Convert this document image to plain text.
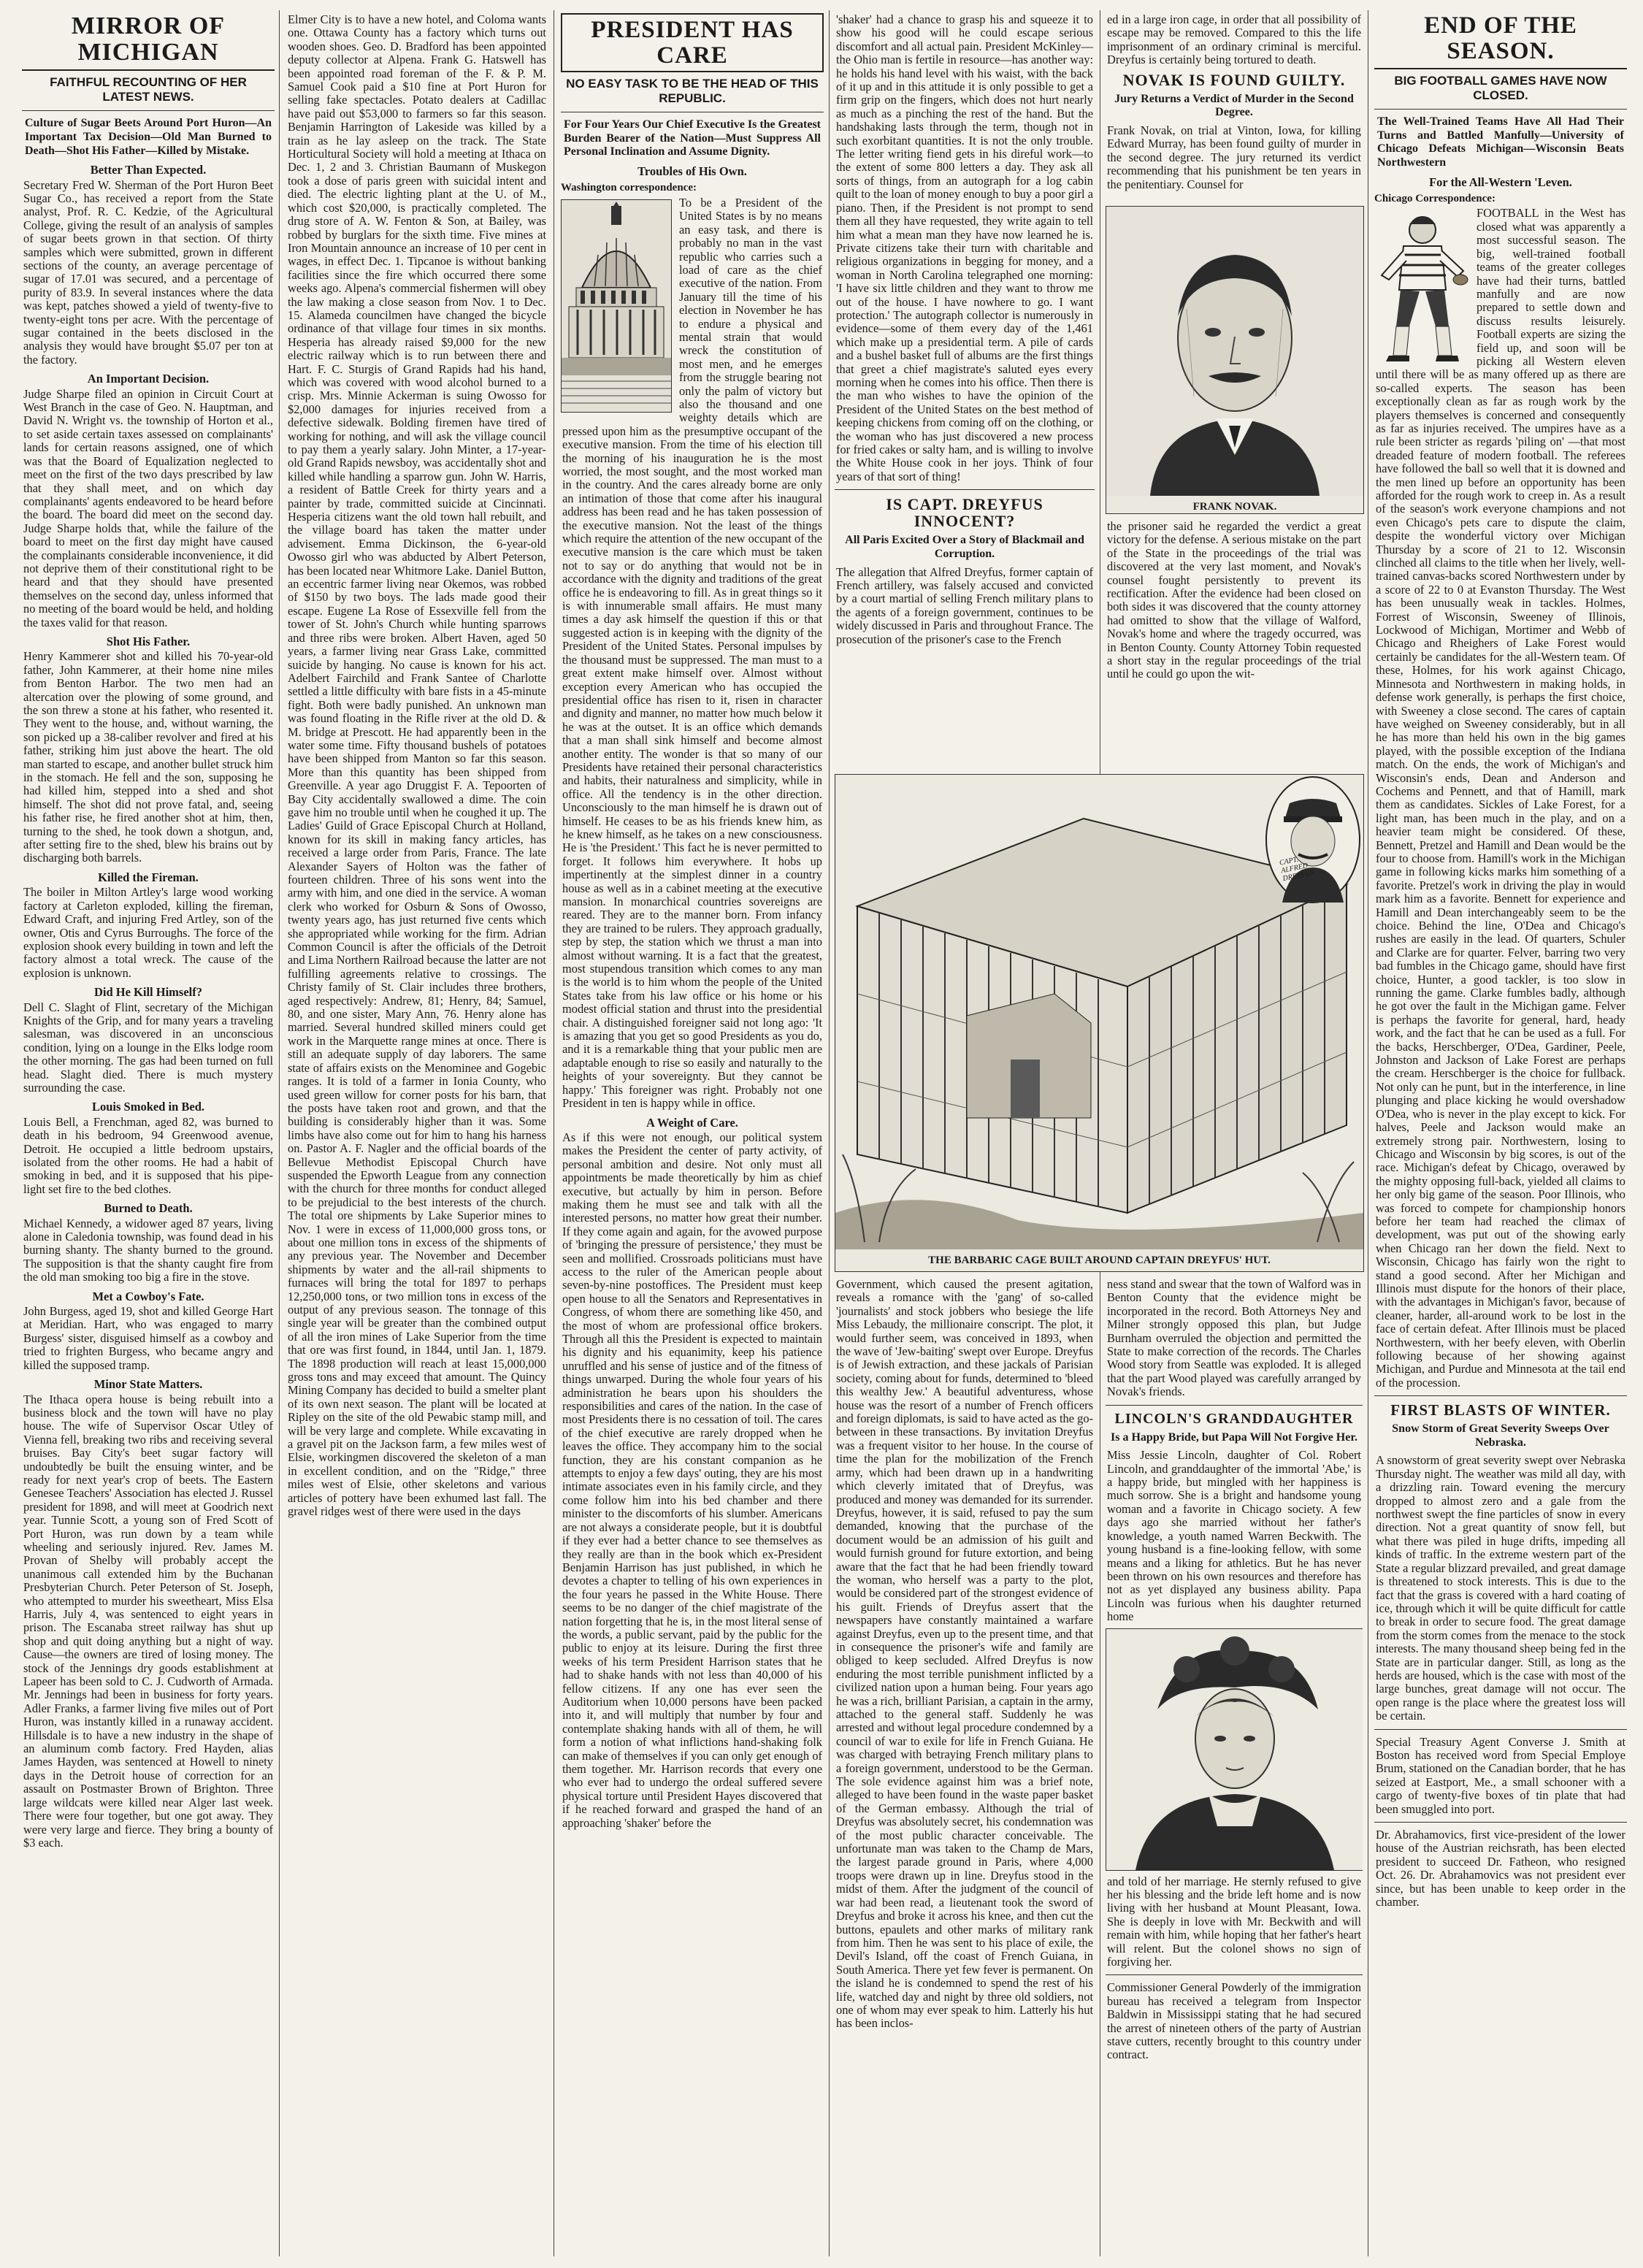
MIRROR OF MICHIGAN
FAITHFUL RECOUNTING OF HER LATEST NEWS.
Culture of Sugar Beets Around Port Huron—An Important Tax Decision—Old Man Burned to Death—Shot His Father—Killed by Mistake.
Better Than Expected.
Secretary Fred W. Sherman of the Port Huron Beet Sugar Co., has received a report from the State analyst, Prof. R. C. Kedzie, of the Agricultural College, giving the result of an analysis of samples of sugar beets grown in that section. Of thirty samples which were submitted, grown in different sections of the county, an average percentage of sugar of 17.01 was secured, and a percentage of purity of 83.9. In several instances where the data was kept, patches showed a yield of twenty-five to twenty-eight tons per acre. With the percentage of sugar contained in the beets disclosed in the analysis they would have brought $5.07 per ton at the factory.
An Important Decision.
Judge Sharpe filed an opinion in Circuit Court at West Branch in the case of Geo. N. Hauptman, and David N. Wright vs. the township of Horton et al., to set aside certain taxes assessed on complainants' lands for certain reasons assigned, one of which was that the Board of Equalization neglected to meet on the first of the two days prescribed by law that they shall meet, and on which day complainants' agents endeavored to be heard before the board. The board did meet on the second day. Judge Sharpe holds that, while the failure of the board to meet on the first day might have caused the complainants considerable inconvenience, it did not deprive them of their constitutional right to be heard and that they should have presented themselves on the second day, unless informed that no meeting of the board would be held, and holding the taxes valid for that reason.
Shot His Father.
Henry Kammerer shot and killed his 70-year-old father, John Kammerer, at their home nine miles from Benton Harbor. The two men had an altercation over the plowing of some ground, and the son threw a stone at his father, who resented it. They went to the house, and, without warning, the son picked up a 38-caliber revolver and fired at his father, striking him just above the heart. The old man started to escape, and another bullet struck him in the stomach. He fell and the son, supposing he had killed him, stepped into a shed and shot himself. The shot did not prove fatal, and, seeing his father rise, he fired another shot at him, then, turning to the shed, he took down a shotgun, and, after setting fire to the shed, blew his brains out by discharging both barrels.
Killed the Fireman.
The boiler in Milton Artley's large wood working factory at Carleton exploded, killing the fireman, Edward Craft, and injuring Fred Artley, son of the owner, Otis and Cyrus Burroughs. The force of the explosion shook every building in town and left the factory almost a total wreck. The cause of the explosion is unknown.
Did He Kill Himself?
Dell C. Slaght of Flint, secretary of the Michigan Knights of the Grip, and for many years a traveling salesman, was discovered in an unconscious condition, lying on a lounge in the Elks lodge room the other morning. The gas had been turned on full head. Slaght died. There is much mystery surrounding the case.
Louis Smoked in Bed.
Louis Bell, a Frenchman, aged 82, was burned to death in his bedroom, 94 Greenwood avenue, Detroit. He occupied a little bedroom upstairs, isolated from the other rooms. He had a habit of smoking in bed, and it is supposed that his pipe-light set fire to the bed clothes.
Burned to Death.
Michael Kennedy, a widower aged 87 years, living alone in Caledonia township, was found dead in his burning shanty. The shanty burned to the ground. The supposition is that the shanty caught fire from the old man smoking too big a fire in the stove.
Met a Cowboy's Fate.
John Burgess, aged 19, shot and killed George Hart at Meridian. Hart, who was engaged to marry Burgess' sister, disguised himself as a cowboy and tried to frighten Burgess, who became angry and killed the supposed tramp.
Minor State Matters.
The Ithaca opera house is being rebuilt into a business block and the town will have no play house. The wife of Supervisor Oscar Utley of Vienna fell, breaking two ribs and receiving several bruises. Bay City's beet sugar factory will undoubtedly be built the ensuing winter, and be ready for next year's crop of beets. The Eastern Genesee Teachers' Association has elected J. Russel president for 1898, and will meet at Goodrich next year. Tunnie Scott, a young son of Fred Scott of Port Huron, was run down by a team while wheeling and seriously injured. Rev. James M. Provan of Shelby will probably accept the unanimous call extended him by the Buchanan Presbyterian Church. Peter Peterson of St. Joseph, who attempted to murder his sweetheart, Miss Elsa Harris, July 4, was sentenced to eight years in prison. The Escanaba street railway has shut up shop and quit doing anything but a night of way. Cause—the owners are tired of losing money. The stock of the Jennings dry goods establishment at Lapeer has been sold to C. J. Cudworth of Armada. Mr. Jennings had been in business for forty years. Adler Franks, a farmer living five miles out of Port Huron, was instantly killed in a runaway accident. Hillsdale is to have a new industry in the shape of an aluminum comb factory. Fred Hayden, alias James Hayden, was sentenced at Howell to ninety days in the Detroit house of correction for an assault on Postmaster Brown of Brighton. Three large wildcats were killed near Alger last week. There were four together, but one got away. They were very large and fierce. They bring a bounty of $3 each.
Elmer City is to have a new hotel, and Coloma wants one. Ottawa County has a factory which turns out wooden shoes. Geo. D. Bradford has been appointed deputy collector at Alpena. Frank G. Hatswell has been appointed road foreman of the F. & P. M. Samuel Cook paid a $10 fine at Port Huron for selling fake spectacles. Potato dealers at Cadillac have paid out $53,000 to farmers so far this season. Benjamin Harrington of Lakeside was killed by a train as he lay asleep on the track. The State Horticultural Society will hold a meeting at Ithaca on Dec. 1, 2 and 3. Christian Baumann of Muskegon took a dose of paris green with suicidal intent and died. The electric lighting plant at the U. of M., which cost $20,000, is practically completed. The drug store of A. W. Fenton & Son, at Bailey, was robbed by burglars for the sixth time. Five mines at Iron Mountain announce an increase of 10 per cent in wages, in effect Dec. 1. Tipcanoe is without banking facilities since the fire which occurred there some weeks ago. Alpena's commercial fishermen will obey the law making a close season from Nov. 1 to Dec. 15. Alameda councilmen have changed the bicycle ordinance of that village four times in six months. Hesperia has already raised $9,000 for the new electric railway which is to run between there and Hart. F. C. Sturgis of Grand Rapids had his hand, which was covered with wood alcohol burned to a crisp. Mrs. Minnie Ackerman is suing Owosso for $2,000 damages for injuries received from a defective sidewalk. Bolding firemen have tired of working for nothing, and will ask the village council to pay them a yearly salary. John Minter, a 17-year-old Grand Rapids newsboy, was accidentally shot and killed while handling a sparrow gun. John W. Harris, a resident of Battle Creek for thirty years and a painter by trade, committed suicide at Cincinnati. Hesperia citizens want the old town hall rebuilt, and the village board has taken the matter under advisement. Emma Dickinson, the 6-year-old Owosso girl who was abducted by Albert Peterson, has been located near Whitmore Lake. Daniel Button, an eccentric farmer living near Okemos, was robbed of $150 by two boys. The lads made good their escape. Eugene La Rose of Essexville fell from the tower of St. John's Church while hunting sparrows and three ribs were broken. Albert Haven, aged 50 years, a farmer living near Grass Lake, committed suicide by hanging. No cause is known for his act. Adelbert Fairchild and Frank Santee of Charlotte settled a little difficulty with bare fists in a 45-minute fight. Both were badly punished. An unknown man was found floating in the Rifle river at the old D. & M. bridge at Prescott. He had apparently been in the water some time. Fifty thousand bushels of potatoes have been shipped from Manton so far this season. More than this quantity has been shipped from Greenville. A year ago Druggist F. A. Tepoorten of Bay City accidentally swallowed a dime. The coin gave him no trouble until when he coughed it up. The Ladies' Guild of Grace Episcopal Church at Holland, known for its skill in making fancy articles, has received a large order from Paris, France. The late Alexander Sayers of Holton was the father of fourteen children. Three of his sons went into the army with him, and one died in the service. A woman clerk who worked for Osburn & Sons of Owosso, twenty years ago, has just returned five cents which she appropriated while working for the firm. Adrian Common Council is after the officials of the Detroit and Lima Northern Railroad because the latter are not fulfilling agreements relative to crossings. The Christy family of St. Clair includes three brothers, aged respectively: Andrew, 81; Henry, 84; Samuel, 80, and one sister, Mary Ann, 76. Henry alone has married. Several hundred skilled miners could get work in the Marquette range mines at once. There is still an adequate supply of day laborers. The same state of affairs exists on the Menominee and Gogebic ranges. It is told of a farmer in Ionia County, who used green willow for corner posts for his barn, that the posts have taken root and grown, and that the building is considerably higher than it was. Some limbs have also come out for him to hang his harness on. Pastor A. F. Nagler and the official boards of the Bellevue Methodist Episcopal Church have suspended the Epworth League from any connection with the church for three months for conduct alleged to be prejudicial to the best interests of the church. The total ore shipments by Lake Superior mines to Nov. 1 were in excess of 11,000,000 gross tons, or about one million tons in excess of the shipments of any previous year. The November and December shipments by water and the all-rail shipments to furnaces will bring the total for 1897 to perhaps 12,250,000 tons, or two million tons in excess of the output of any previous season. The tonnage of this single year will be greater than the combined output of all the iron mines of Lake Superior from the time that ore was first found, in 1844, until Jan. 1, 1879. The 1898 production will reach at least 15,000,000 gross tons and may exceed that amount. The Quincy Mining Company has decided to build a smelter plant of its own next season. The plant will be located at Ripley on the site of the old Pewabic stamp mill, and will be very large and complete. While excavating in a gravel pit on the Jackson farm, a few miles west of Elsie, workingmen discovered the skeleton of a man in excellent condition, and on the "Ridge," three miles west of Elsie, other skeletons and various articles of pottery have been exhumed last fall. The gravel ridges west of there were used in the days
PRESIDENT HAS CARE
NO EASY TASK TO BE THE HEAD OF THIS REPUBLIC.
For Four Years Our Chief Executive Is the Greatest Burden Bearer of the Nation—Must Suppress All Personal Inclination and Assume Dignity.
Troubles of His Own.
Washington correspondence:
To be a President of the United States is by no means an easy task, and there is probably no man in the vast republic who carries such a load of care as the chief executive of the nation. From January till the time of his election in November he has to endure a physical and mental strain that would wreck the constitution of most men, and he emerges from the struggle bearing not only the palm of victory but also the thousand and one weighty details which are pressed upon him as the presumptive occupant of the executive mansion. From the time of his election till the morning of his inauguration he is the most worried, the most sought, and the most worked man in the country. And the cares already borne are only an intimation of those that come after his inaugural address has been read and he has taken possession of the executive mansion. Not the least of the things which require the attention of the new occupant of the executive mansion is the care which must be taken not to say or do anything that would not be in accordance with the dignity and traditions of the great office he is endeavoring to fill. As in great things so it is with innumerable small affairs. He must many times a day ask himself the question if this or that suggested action is in keeping with the dignity of the President of the United States. Personal impulses by the thousand must be suppressed. The man must to a great extent make himself over. Almost without exception every American who has occupied the presidential office has risen to it, risen in character and dignity and manner, no matter how much below it he was at the outset. It is an office which demands that a man shall sink himself and become almost another entity. The wonder is that so many of our Presidents have retained their personal characteristics and habits, their naturalness and simplicity, while in office. All the tendency is in the other direction. Unconsciously to the man himself he is drawn out of himself. He ceases to be as his friends knew him, as he knew himself, as he takes on a new consciousness. He is 'the President.' This fact he is never permitted to forget. It follows him everywhere. It hobs up impertinently at the simplest dinner in a country house as well as in a cabinet meeting at the executive mansion. In monarchical countries sovereigns are reared. They are to the manner born. From infancy they are trained to be rulers. They approach gradually, step by step, the station which we thrust a man into almost without warning. It is a fact that the greatest, most stupendous transition which comes to any man is the world is to him whom the people of the United States take from his law office or his home or his modest official station and thrust into the presidential chair. A distinguished foreigner said not long ago: 'It is amazing that you get so good Presidents as you do, and it is a remarkable thing that your public men are adaptable enough to rise so easily and naturally to the heights of your sovereignty. But they cannot be happy.' This foreigner was right. Probably not one President in ten is happy while in office.
A Weight of Care.
As if this were not enough, our political system makes the President the center of party activity, of personal ambition and desire. Not only must all appointments be made theoretically by him as chief executive, but actually by him in person. Before making them he must see and talk with all the interested persons, no matter how great their number. If they come again and again, for the avowed purpose of 'bringing the pressure of persistence,' they must be seen and mollified. Crossroads politicians must have access to the ruler of the American people about seven-by-nine postoffices. The President must keep open house to all the Senators and Representatives in Congress, of whom there are something like 450, and the most of whom are professional office brokers. Through all this the President is expected to maintain his dignity and his equanimity, keep his patience unruffled and his sense of justice and of the fitness of things unwarped. During the whole four years of his administration he bears upon his shoulders the responsibilities and cares of the nation. In the case of most Presidents there is no cessation of toil. The cares of the chief executive are rarely dropped when he leaves the office. They accompany him to the social function, they are his constant companion as he attempts to enjoy a few days' outing, they are his most intimate associates even in his family circle, and they come follow him into his bed chamber and there minister to the discomforts of his slumber. Americans are not always a considerate people, but it is doubtful if they ever had a better chance to see themselves as they really are than in the book which ex-President Benjamin Harrison has just published, in which he devotes a chapter to telling of his own experiences in the four years he passed in the White House. There seems to be no danger of the chief magistrate of the nation forgetting that he is, in the most literal sense of the words, a public servant, paid by the public for the public to enjoy at its leisure. During the first three weeks of his term President Harrison states that he had to shake hands with not less than 40,000 of his fellow citizens. If any one has ever seen the Auditorium when 10,000 persons have been packed into it, and will multiply that number by four and contemplate shaking hands with all of them, he will form a notion of what inflictions hand-shaking folk can make of themselves if you can only get enough of them together. Mr. Harrison records that every one who ever had to undergo the ordeal suffered severe physical torture until President Hayes discovered that if he reached forward and grasped the hand of an approaching 'shaker' before the
'shaker' had a chance to grasp his and squeeze it to show his good will he could escape serious discomfort and all actual pain. President McKinley—the Ohio man is fertile in resource—has another way: he holds his hand level with his waist, with the back of it up and in this attitude it is only possible to get a firm grip on the fingers, which does not hurt nearly as much as a pinching the rest of the hand. But the handshaking lasts through the term, though not in such exorbitant quantities. It is not the only trouble. The letter writing fiend gets in his direful work—to the extent of some 800 letters a day. They ask all sorts of things, from an autograph for a log cabin quilt to the loan of money enough to buy a poor girl a piano. Then, if the President is not prompt to send them all they have requested, they write again to tell him what a mean man they have now learned he is. Private citizens take their turn with charitable and religious organizations in begging for money, and a woman in North Carolina telegraphed one morning: 'I have six little children and they want to throw me out of the house. I have nowhere to go. I want protection.' The autograph collector is numerously in evidence—some of them every day of the 1,461 which make up a presidential term. A pile of cards and a bushel basket full of albums are the first things that greet a chief magistrate's saluted eyes every morning when he comes into his office. Then there is the man who wishes to have the opinion of the President of the United States on the best method of keeping chickens from coming off on the clothing, or the woman who has just discovered a new process for fried cakes or salty ham, and is willing to involve the White House cook in her joys. Think of four years of that sort of thing!
IS CAPT. DREYFUS INNOCENT?
All Paris Excited Over a Story of Blackmail and Corruption.
The allegation that Alfred Dreyfus, former captain of French artillery, was falsely accused and convicted by a court martial of selling French military plans to the agents of a foreign government, continues to be widely discussed in Paris and throughout France. The prosecution of the prisoner's case to the French
ed in a large iron cage, in order that all possibility of escape may be removed. Compared to this the life imprisonment of an ordinary criminal is merciful. Dreyfus is certainly being tortured to death.
NOVAK IS FOUND GUILTY.
Jury Returns a Verdict of Murder in the Second Degree.
Frank Novak, on trial at Vinton, Iowa, for killing Edward Murray, has been found guilty of murder in the second degree. The jury returned its verdict recommending that his punishment be ten years in the penitentiary. Counsel for
FRANK NOVAK.
the prisoner said he regarded the verdict a great victory for the defense. A serious mistake on the part of the State in the proceedings of the trial was discovered at the very last moment, and Novak's counsel fought persistently to prevent its rectification. After the evidence had been closed on both sides it was discovered that the county attorney had omitted to show that the village of Walford, Novak's home and where the tragedy occurred, was in Benton County. County Attorney Tobin requested a short stay in the regular proceedings of the trial until he could go upon the wit-
THE BARBARIC CAGE BUILT AROUND CAPTAIN DREYFUS' HUT.
CAPT. ALFRED DREYFUS
Government, which caused the present agitation, reveals a romance with the 'gang' of so-called 'journalists' and stock jobbers who besiege the life Miss Lebaudy, the millionaire conscript. The plot, it would further seem, was conceived in 1893, when the wave of 'Jew-baiting' swept over Europe. Dreyfus is of Jewish extraction, and these jackals of Parisian society, coming about for funds, determined to 'bleed this wealthy Jew.' A beautiful adventuress, whose house was the resort of a number of French officers and foreign diplomats, is said to have acted as the go-between in these transactions. By invitation Dreyfus was a frequent visitor to her house. In the course of time the plan for the mobilization of the French army, which had been drawn up in a handwriting which cleverly imitated that of Dreyfus, was produced and money was demanded for its surrender. Dreyfus, however, it is said, refused to pay the sum demanded, knowing that the purchase of the document would be an admission of his guilt and would furnish ground for future extortion, and being aware that the fact that he had been friendly toward the woman, who herself was a party to the plot, would be considered part of the strongest evidence of his guilt. Friends of Dreyfus assert that the newspapers have constantly maintained a warfare against Dreyfus, even up to the present time, and that in consequence the prisoner's wife and family are obliged to keep secluded. Alfred Dreyfus is now enduring the most terrible punishment inflicted by a civilized nation upon a human being. Four years ago he was a rich, brilliant Parisian, a captain in the army, attached to the general staff. Suddenly he was arrested and without legal procedure condemned by a council of war to exile for life in French Guiana. He was charged with betraying French military plans to a foreign government, understood to be the German. The sole evidence against him was a brief note, alleged to have been found in the waste paper basket of the German embassy. Although the trial of Dreyfus was absolutely secret, his condemnation was of the most public character conceivable. The unfortunate man was taken to the Champ de Mars, the largest parade ground in Paris, where 4,000 troops were drawn up in line. Dreyfus stood in the midst of them. After the judgment of the council of war had been read, a lieutenant took the sword of Dreyfus and broke it across his knee, and then cut the buttons, epaulets and other marks of military rank from him. Then he was sent to his place of exile, the Devil's Island, off the coast of French Guiana, in South America. There yet few fever is permanent. On the island he is condemned to spend the rest of his life, watched day and night by three old soldiers, not one of whom may ever speak to him. Latterly his hut has been inclos-
ness stand and swear that the town of Walford was in Benton County that the evidence might be incorporated in the record. Both Attorneys Ney and Milner strongly opposed this plan, but Judge Burnham overruled the objection and permitted the State to make correction of the records. The Charles Wood story from Seattle was exploded. It is alleged that the part Wood played was carefully arranged by Novak's friends.
LINCOLN'S GRANDDAUGHTER
Is a Happy Bride, but Papa Will Not Forgive Her.
Miss Jessie Lincoln, daughter of Col. Robert Lincoln, and granddaughter of the immortal 'Abe,' is a happy bride, but mingled with her happiness is much sorrow. She is a bright and handsome young woman and a favorite in Chicago society. A few days ago she married without her father's knowledge, a youth named Warren Beckwith. The young husband is a fine-looking fellow, with some means and a liking for athletics. But he has never been thrown on his own resources and therefore has not as yet displayed any business ability. Papa Lincoln was furious when his daughter returned home
and told of her marriage. He sternly refused to give her his blessing and the bride left home and is now living with her husband at Mount Pleasant, Iowa. She is deeply in love with Mr. Beckwith and will remain with him, while hoping that her father's heart will relent. But the colonel shows no sign of forgiving her.
Commissioner General Powderly of the immigration bureau has received a telegram from Inspector Baldwin in Mississippi stating that he had secured the arrest of nineteen others of the party of Austrian stave cutters, recently brought to this country under contract.
END OF THE SEASON.
BIG FOOTBALL GAMES HAVE NOW CLOSED.
The Well-Trained Teams Have All Had Their Turns and Battled Manfully—University of Chicago Defeats Michigan—Wisconsin Beats Northwestern
For the All-Western 'Leven.
Chicago Correspondence:
FOOTBALL in the West has closed what was apparently a most successful season. The big, well-trained football teams of the greater colleges have had their turns, battled manfully and are now prepared to settle down and discuss results leisurely. Football experts are sizing the field up, and soon will be picking all Western eleven until there will be as many offered up as there are so-called experts. The season has been exceptionally clean as far as rough work by the players themselves is concerned and consequently as far as injuries received. The umpires have as a rule been stricter as regards 'piling on' —that most dreaded feature of modern football. The referees have followed the ball so well that it is downed and the men lined up before an opportunity has been afforded for the rough work to creep in. As a result of the season's work everyone champions and not even Chicago's pets care to dispute the claim, despite the wonderful victory over Michigan Thursday by a score of 21 to 12. Wisconsin clinched all claims to the title when her lively, well-trained canvas-backs scored Northwestern under by a score of 22 to 0 at Evanston Thursday. The West has been unusually weak in tackles. Holmes, Forrest of Wisconsin, Sweeney of Illinois, Lockwood of Michigan, Mortimer and Webb of Chicago and Rheighers of Lake Forest would certainly be candidates for the all-Western team. Of these, Holmes, for his work against Chicago, Minnesota and Northwestern in making holds, in defense work generally, is perhaps the first choice, with Sweeney a close second. The cares of captain have weighed on Sweeney considerably, but in all he has more than held his own in the big games played, with the possible exception of the Indiana match. On the ends, the work of Michigan's and Wisconsin's ends, Dean and Anderson and Cochems and Pennett, and that of Hamill, mark them as candidates. Sickles of Lake Forest, for a light man, has been much in the play, and on a heavier team might be considered. Of these, Bennett, Pretzel and Hamill and Dean would be the four to choose from. Hamill's work in the Michigan game in following kicks marks him something of a favorite. Pretzel's work in driving the play in would mark him as a favorite. Bennett for experience and Hamill and Dean interchangeably seem to be the choice. Behind the line, O'Dea and Chicago's rushes are easily in the lead. Of quarters, Schuler and Clarke are for quarter. Felver, barring two very bad fumbles in the Chicago game, should have first choice, Hunter, a good tackler, is too slow in running the game. Clarke fumbles badly, although he got over the fault in the Michigan game. Felver is perhaps the favorite for general, hard, heady work, and the fact that he can be used as a full. For the backs, Herschberger, O'Dea, Gardiner, Peele, Johnston and Jackson of Lake Forest are perhaps the cream. Herschberger is the choice for fullback. Not only can he punt, but in the interference, in line plunging and place kicking he would overshadow O'Dea, who is never in the play except to kick. For halves, Peele and Jackson would make an extremely strong pair. Northwestern, losing to Chicago and Wisconsin by big scores, is out of the race. Michigan's defeat by Chicago, overawed by the mighty opposing full-back, yielded all claims to her only big game of the season. Poor Illinois, who was forced to compete for championship honors before her team had reached the climax of development, was put out of the showing early when Chicago ran her down the field. Next to Wisconsin, Chicago has fairly won the right to stand a good second. After her Michigan and Illinois must dispute for the honors of their place, with the advantages in Michigan's favor, because of cleaner, harder, all-around work to be lost in the face of certain defeat. After Illinois must be placed Northwestern, with her beefy eleven, with Oberlin following because of her showing against Michigan, and Purdue and Minnesota at the tail end of the procession.
FIRST BLASTS OF WINTER.
Snow Storm of Great Severity Sweeps Over Nebraska.
A snowstorm of great severity swept over Nebraska Thursday night. The weather was mild all day, with a drizzling rain. Toward evening the mercury dropped to almost zero and a gale from the northwest swept the fine particles of snow in every direction. Not a great quantity of snow fell, but what there was piled in huge drifts, impeding all kinds of traffic. In the extreme western part of the State a regular blizzard prevailed, and great damage is threatened to stock interests. This is due to the fact that the grass is covered with a hard coating of ice, through which it will be quite difficult for cattle to break in order to secure food. The great damage from the storm comes from the menace to the stock interests. The many thousand sheep being fed in the State are in particular danger. Still, as long as the herds are housed, which is the case with most of the large bunches, great damage will not occur. The open range is the place where the greatest loss will be certain.
Special Treasury Agent Converse J. Smith at Boston has received word from Special Employe Brum, stationed on the Canadian border, that he has seized at Eastport, Me., a small schooner with a cargo of twenty-five boxes of tin plate that had been smuggled into port.
Dr. Abrahamovics, first vice-president of the lower house of the Austrian reichsrath, has been elected president to succeed Dr. Fatheon, who resigned Oct. 26. Dr. Abrahamovics was not president ever since, but has been unable to keep order in the chamber.
